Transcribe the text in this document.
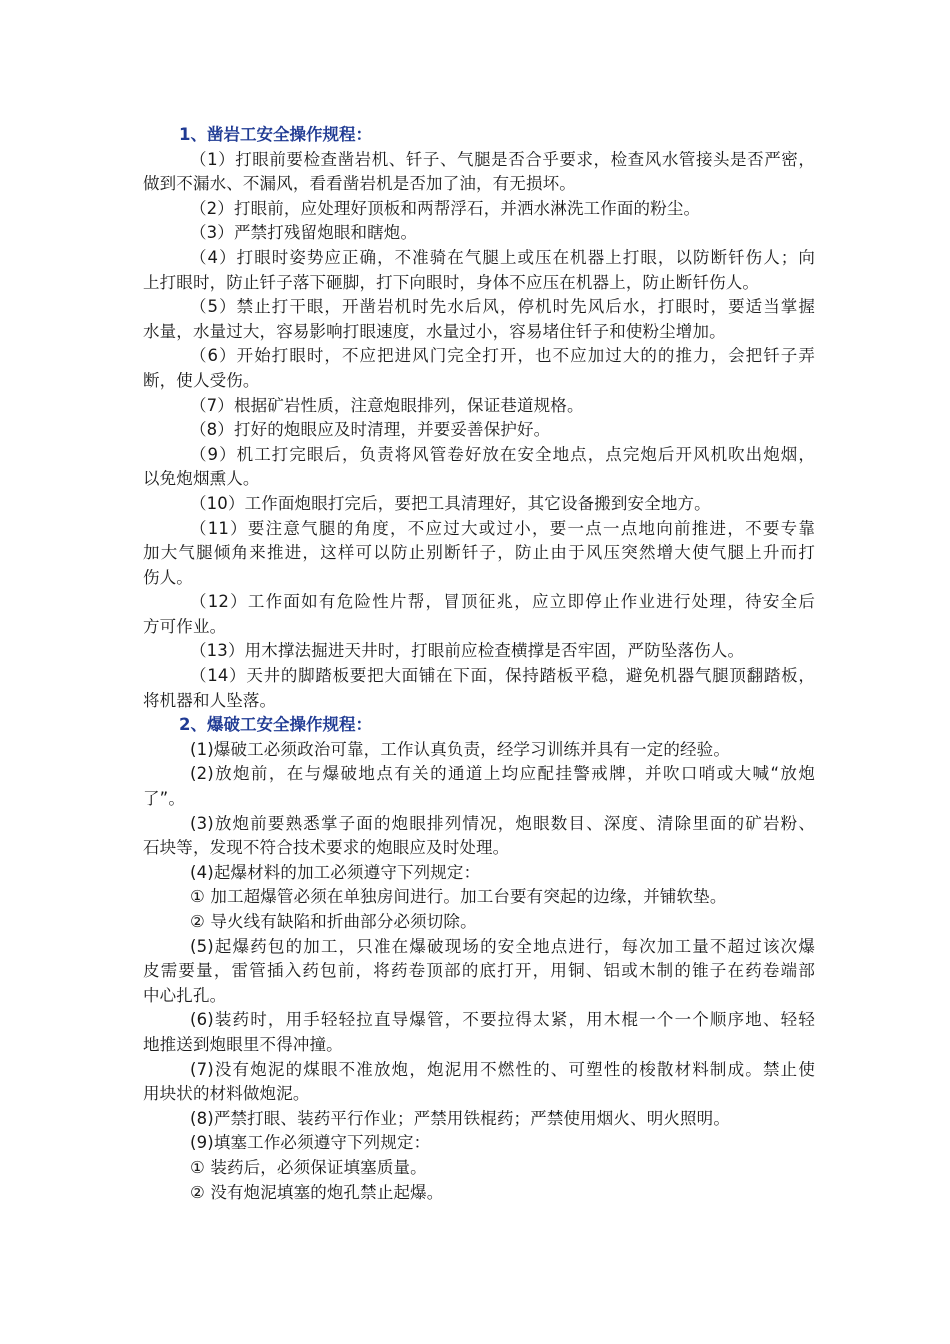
1、凿岩工安全操作规程：
（1）打眼前要检查凿岩机、钎子、气腿是否合乎要求，检查风水管接头是否严密，
做到不漏水、不漏风，看看凿岩机是否加了油，有无损坏。
（2）打眼前，应处理好顶板和两帮浮石，并洒水淋洗工作面的粉尘。
（3）严禁打残留炮眼和瞎炮。
（4）打眼时姿势应正确，不准骑在气腿上或压在机器上打眼，以防断钎伤人；向
上打眼时，防止钎子落下砸脚，打下向眼时，身体不应压在机器上，防止断钎伤人。
（5）禁止打干眼，开凿岩机时先水后风，停机时先风后水，打眼时，要适当掌握
水量，水量过大，容易影响打眼速度，水量过小，容易堵住钎子和使粉尘增加。
（6）开始打眼时，不应把进风门完全打开，也不应加过大的的推力，会把钎子弄
断，使人受伤。
（7）根据矿岩性质，注意炮眼排列，保证巷道规格。
（8）打好的炮眼应及时清理，并要妥善保护好。
（9）机工打完眼后，负责将风管卷好放在安全地点，点完炮后开风机吹出炮烟，
以免炮烟熏人。
（10）工作面炮眼打完后，要把工具清理好，其它设备搬到安全地方。
（11）要注意气腿的角度，不应过大或过小，要一点一点地向前推进，不要专靠
加大气腿倾角来推进，这样可以防止别断钎子，防止由于风压突然增大使气腿上升而打
伤人。
（12）工作面如有危险性片帮，冒顶征兆，应立即停止作业进行处理，待安全后
方可作业。
（13）用木撑法掘进天井时，打眼前应检查横撑是否牢固，严防坠落伤人。
（14）天井的脚踏板要把大面铺在下面，保持踏板平稳，避免机器气腿顶翻踏板，
将机器和人坠落。
2、爆破工安全操作规程：
(1)爆破工必须政治可靠，工作认真负责，经学习训练并具有一定的经验。
(2)放炮前，在与爆破地点有关的通道上均应配挂警戒牌，并吹口哨或大喊“放炮
了”。
(3)放炮前要熟悉掌子面的炮眼排列情况，炮眼数目、深度、清除里面的矿岩粉、
石块等，发现不符合技术要求的炮眼应及时处理。
(4)起爆材料的加工必须遵守下列规定：
① 加工超爆管必须在单独房间进行。加工台要有突起的边缘，并铺软垫。
② 导火线有缺陷和折曲部分必须切除。
(5)起爆药包的加工，只准在爆破现场的安全地点进行，每次加工量不超过该次爆
皮需要量，雷管插入药包前，将药卷顶部的底打开，用铜、铝或木制的锥子在药卷端部
中心扎孔。
(6)装药时，用手轻轻拉直导爆管，不要拉得太紧，用木棍一个一个顺序地、轻轻
地推送到炮眼里不得冲撞。
(7)没有炮泥的煤眼不准放炮，炮泥用不燃性的、可塑性的梭散材料制成。禁止使
用块状的材料做炮泥。
(8)严禁打眼、装药平行作业；严禁用铁棍药；严禁使用烟火、明火照明。
(9)填塞工作必须遵守下列规定：
① 装药后，必须保证填塞质量。
② 没有炮泥填塞的炮孔禁止起爆。
